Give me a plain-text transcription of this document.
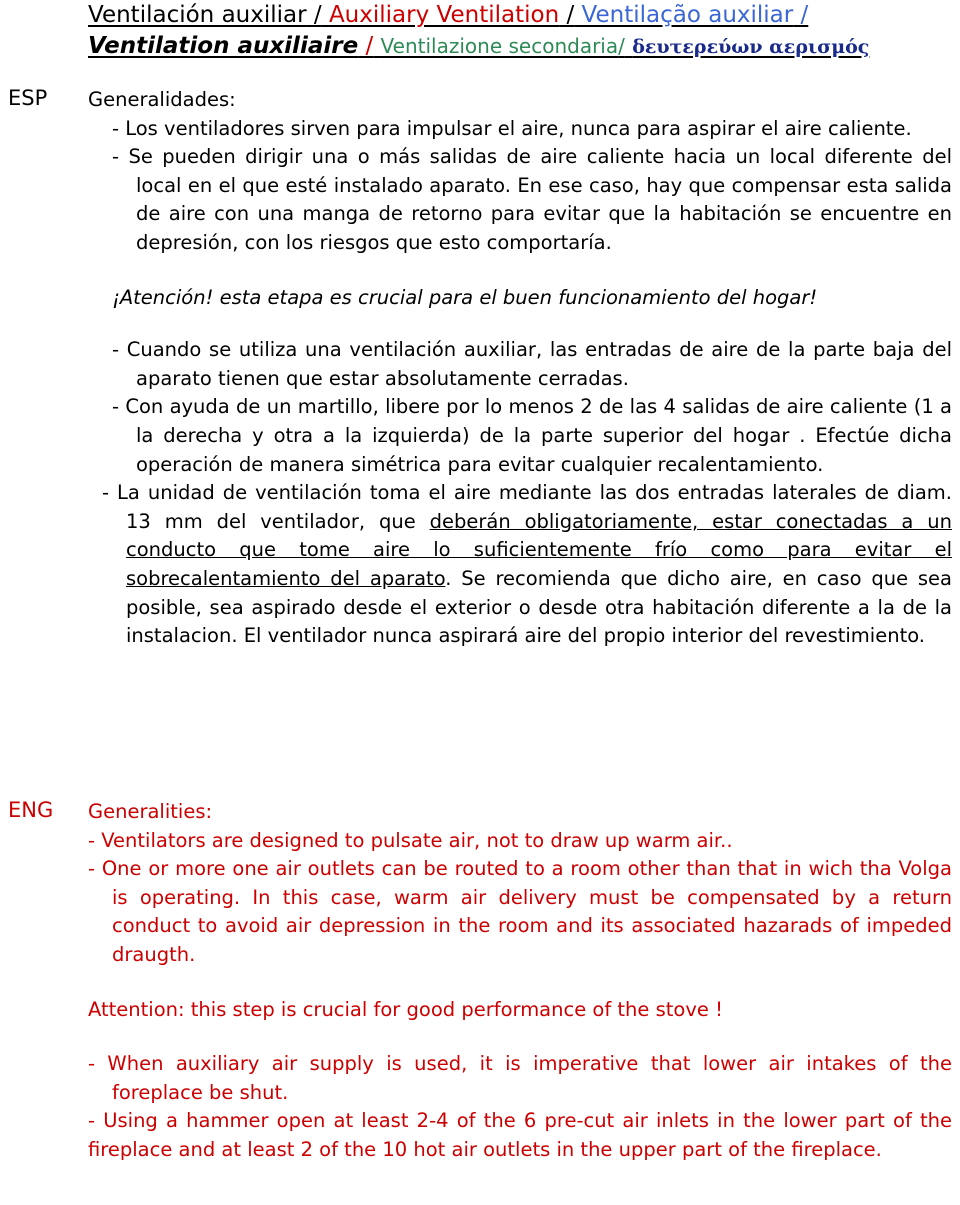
Ventilación auxiliar / Auxiliary Ventilation / Ventilação auxiliar /
Ventilation auxiliaire / Ventilazione secondaria/ δευτερεύων αερισμός
ESP Generalidades:

- Los ventiladores sirven para impulsar el aire, nunca para aspirar el aire caliente.

- Se pueden dirigir una o más salidas de aire caliente hacia un local diferente del local en el que esté instalado aparato. En ese caso, hay que compensar esta salida de aire con una manga de retorno para evitar que la habitación se encuentre en depresión, con los riesgos que esto comportaría.

¡Atención! esta etapa es crucial para el buen funcionamiento del hogar!

- Cuando se utiliza una ventilación auxiliar, las entradas de aire de la parte baja del aparato tienen que estar absolutamente cerradas.

- Con ayuda de un martillo, libere por lo menos 2 de las 4 salidas de aire caliente (1 a la derecha y otra a la izquierda) de la parte superior del hogar . Efectúe dicha operación de manera simétrica para evitar cualquier recalentamiento.

- La unidad de ventilación toma el aire mediante las dos entradas laterales de diam. 13 mm del ventilador, que deberán obligatoriamente, estar conectadas a un conducto que tome aire lo suficientemente frío como para evitar el sobrecalentamiento del aparato. Se recomienda que dicho aire, en caso que sea posible, sea aspirado desde el exterior o desde otra habitación diferente a la de la instalacion. El ventilador nunca aspirará aire del propio interior del revestimiento.

ENG Generalities:

- Ventilators are designed to pulsate air, not to draw up warm air..

- One or more one air outlets can be routed to a room other than that in wich tha Volga is operating. In this case, warm air delivery must be compensated by a return conduct to avoid air depression in the room and its associated hazarads of impeded draugth.

Attention: this step is crucial for good performance of the stove !

- When auxiliary air supply is used, it is imperative that lower air intakes of the foreplace be shut.

- Using a hammer open at least 2-4 of the 6 pre-cut air inlets in the lower part of the fireplace and at least 2 of the 10 hot air outlets in the upper part of the fireplace.
